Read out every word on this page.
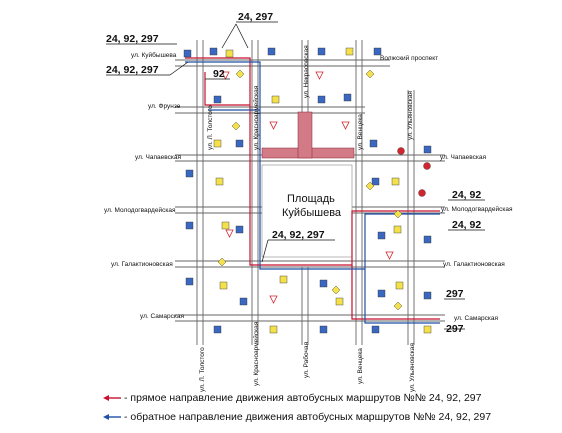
ул. Куйбышева	Волжский проспект
ул. Фрунзе	ул. Ульяновская
ул. Чапаевская	ул. Чапаевская
ул. Молодогвардейская	ул. Молодогвардейская
ул. Галактионовская	ул. Галактионовская
ул. Самарская	ул. Самарская
ул. Л. Толстого	ул. Красноармейская	ул. Рабочая	ул. Венцека	ул. Ульяновская
ул. Некрасовская
ул. Л. Толстого	ул. Красноармейская	ул. Венцека
24, 92, 297
24, 297
24, 92, 297	92
24, 92
24, 92
24, 92, 297
297
297
Площадь
Куйбышева
- прямое направление движения автобусных маршрутов №№ 24, 92, 297
- обратное направление движения автобусных маршрутов №№ 24, 92, 297
